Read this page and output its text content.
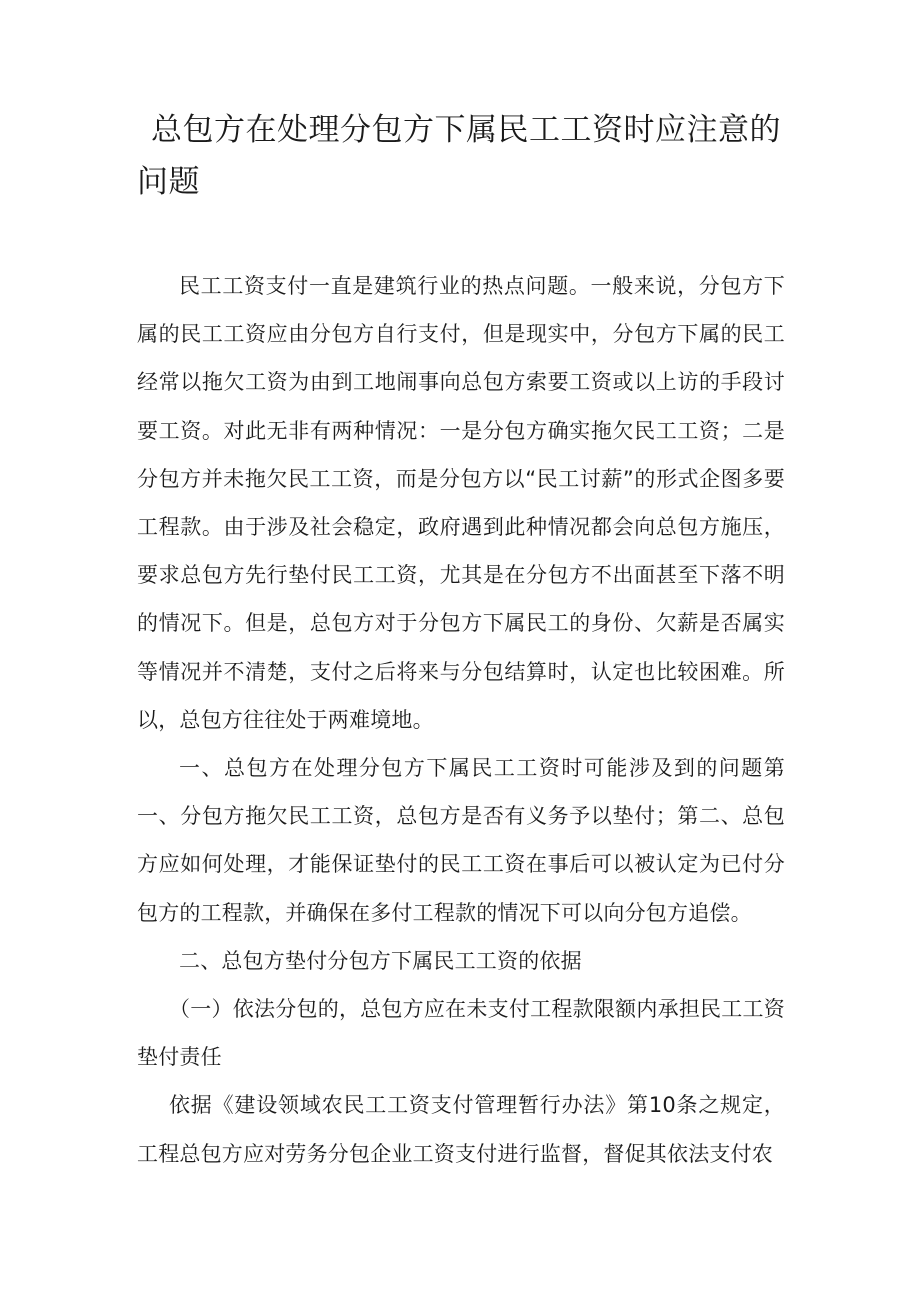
总包方在处理分包方下属民工工资时应注意的问题

民工工资支付一直是建筑行业的热点问题。一般来说，分包方下属的民工工资应由分包方自行支付，但是现实中，分包方下属的民工经常以拖欠工资为由到工地闹事向总包方索要工资或以上访的手段讨要工资。对此无非有两种情况：一是分包方确实拖欠民工工资；二是分包方并未拖欠民工工资，而是分包方以“民工讨薪”的形式企图多要工程款。由于涉及社会稳定，政府遇到此种情况都会向总包方施压，要求总包方先行垫付民工工资，尤其是在分包方不出面甚至下落不明的情况下。但是，总包方对于分包方下属民工的身份、欠薪是否属实等情况并不清楚，支付之后将来与分包结算时，认定也比较困难。所以，总包方往往处于两难境地。

一、总包方在处理分包方下属民工工资时可能涉及到的问题第一、分包方拖欠民工工资，总包方是否有义务予以垫付；第二、总包方应如何处理，才能保证垫付的民工工资在事后可以被认定为已付分包方的工程款，并确保在多付工程款的情况下可以向分包方追偿。

二、总包方垫付分包方下属民工工资的依据

（一）依法分包的，总包方应在未支付工程款限额内承担民工工资垫付责任

依据《建设领域农民工工资支付管理暂行办法》第10条之规定，工程总包方应对劳务分包企业工资支付进行监督，督促其依法支付农
